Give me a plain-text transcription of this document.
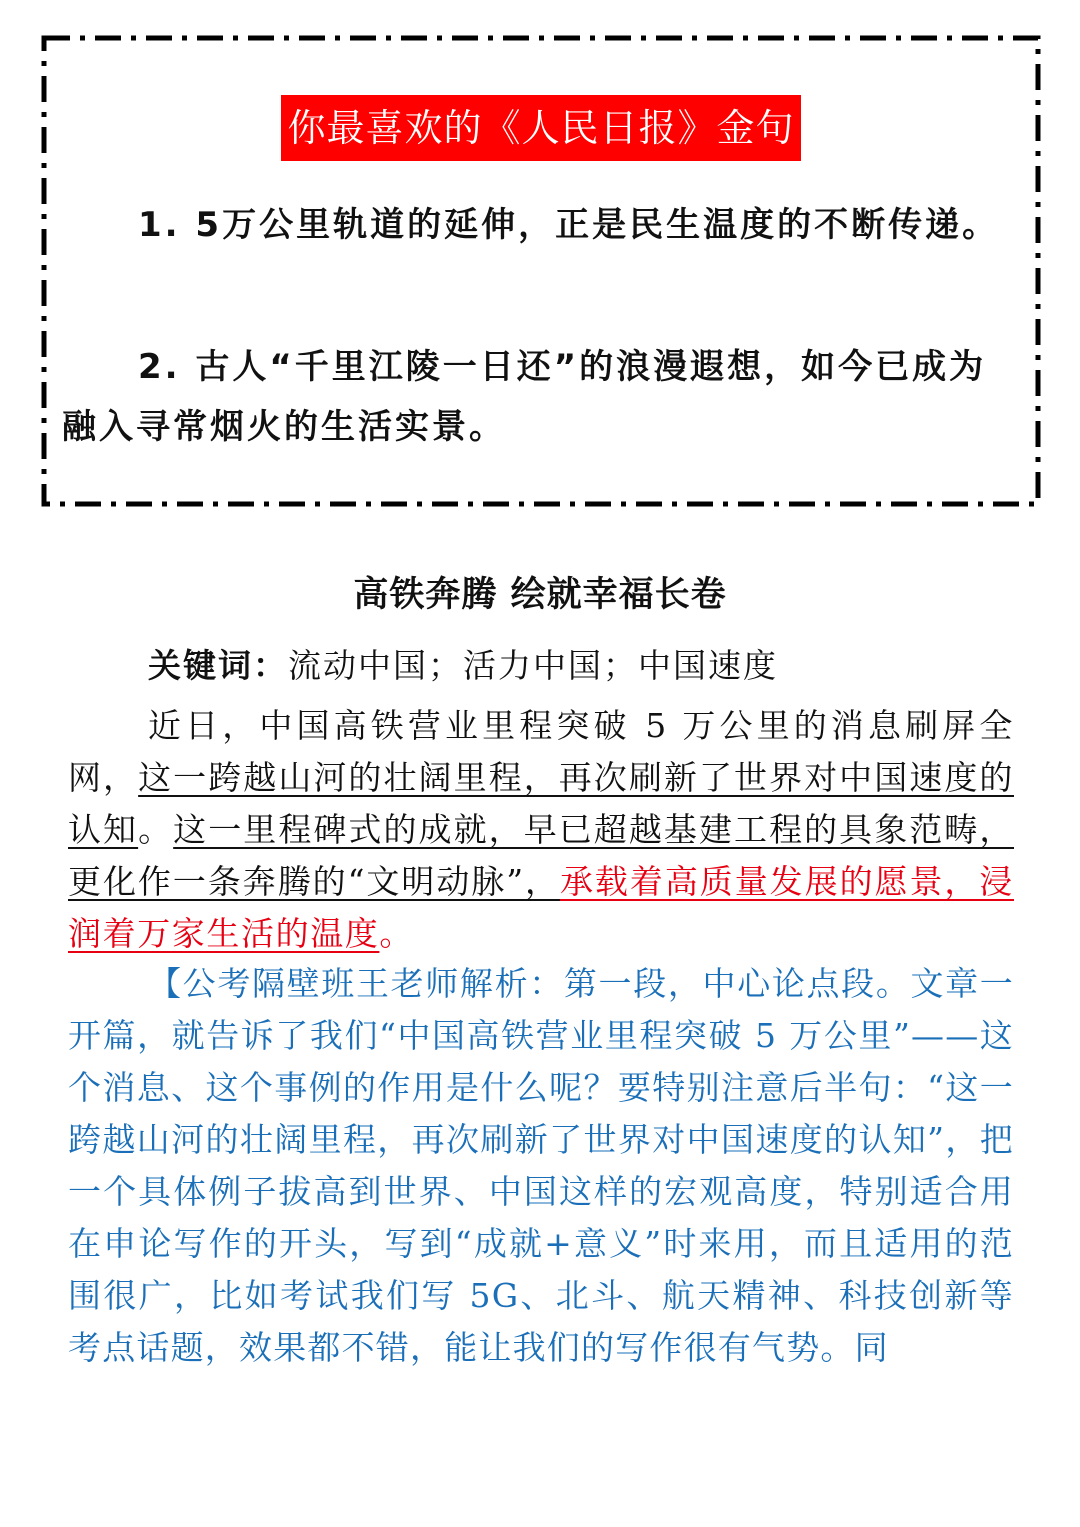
你最喜欢的《人民日报》金句
1. 5万公里轨道的延伸，正是民生温度的不断传递。
2. 古人“千里江陵一日还”的浪漫遐想，如今已成为融入寻常烟火的生活实景。
高铁奔腾 绘就幸福长卷
关键词：流动中国；活力中国；中国速度
近日，中国高铁营业里程突破 5 万公里的消息刷屏全网，这一跨越山河的壮阔里程，再次刷新了世界对中国速度的认知。这一里程碑式的成就，早已超越基建工程的具象范畴，更化作一条奔腾的“文明动脉”，承载着高质量发展的愿景，浸润着万家生活的温度。
【公考隔壁班王老师解析：第一段，中心论点段。文章一开篇，就告诉了我们“中国高铁营业里程突破 5 万公里”——这个消息、这个事例的作用是什么呢？要特别注意后半句：“这一跨越山河的壮阔里程，再次刷新了世界对中国速度的认知”，把一个具体例子拔高到世界、中国这样的宏观高度，特别适合用在申论写作的开头，写到“成就+意义”时来用，而且适用的范围很广，比如考试我们写 5G、北斗、航天精神、科技创新等考点话题，效果都不错，能让我们的写作很有气势。同
